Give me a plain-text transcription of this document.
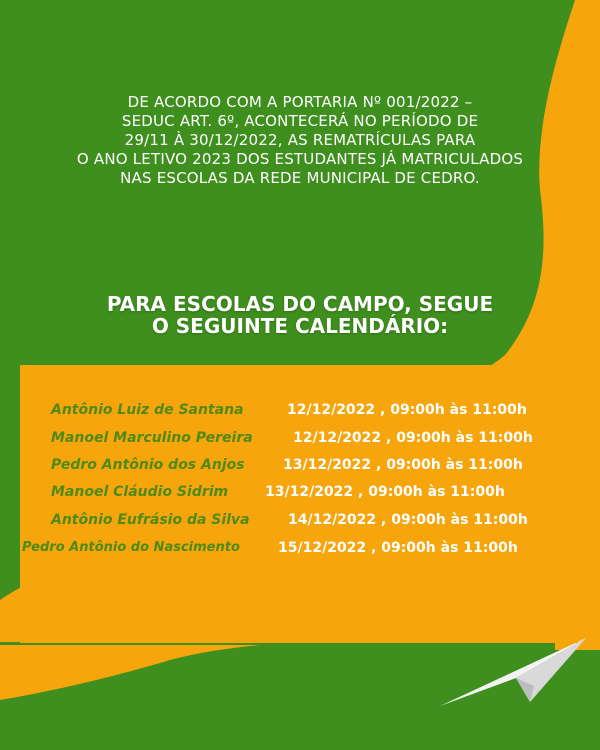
DE ACORDO COM A PORTARIA Nº 001/2022 –
SEDUC ART. 6º, ACONTECERÁ NO PERÍODO DE
29/11 À 30/12/2022, AS REMATRÍCULAS PARA
O ANO LETIVO 2023 DOS ESTUDANTES JÁ MATRICULADOS
NAS ESCOLAS DA REDE MUNICIPAL DE CEDRO.
PARA ESCOLAS DO CAMPO, SEGUE
O SEGUINTE CALENDÁRIO:
Antônio Luiz de Santana	12/12/2022 , 09:00h às 11:00h
Manoel Marculino Pereira	12/12/2022 , 09:00h às 11:00h
Pedro Antônio dos Anjos	13/12/2022 , 09:00h às 11:00h
Manoel Cláudio Sidrim	13/12/2022 , 09:00h às 11:00h
Antônio Eufrásio da Silva	14/12/2022 , 09:00h às 11:00h
Pedro Antônio do Nascimento	15/12/2022 , 09:00h às 11:00h
